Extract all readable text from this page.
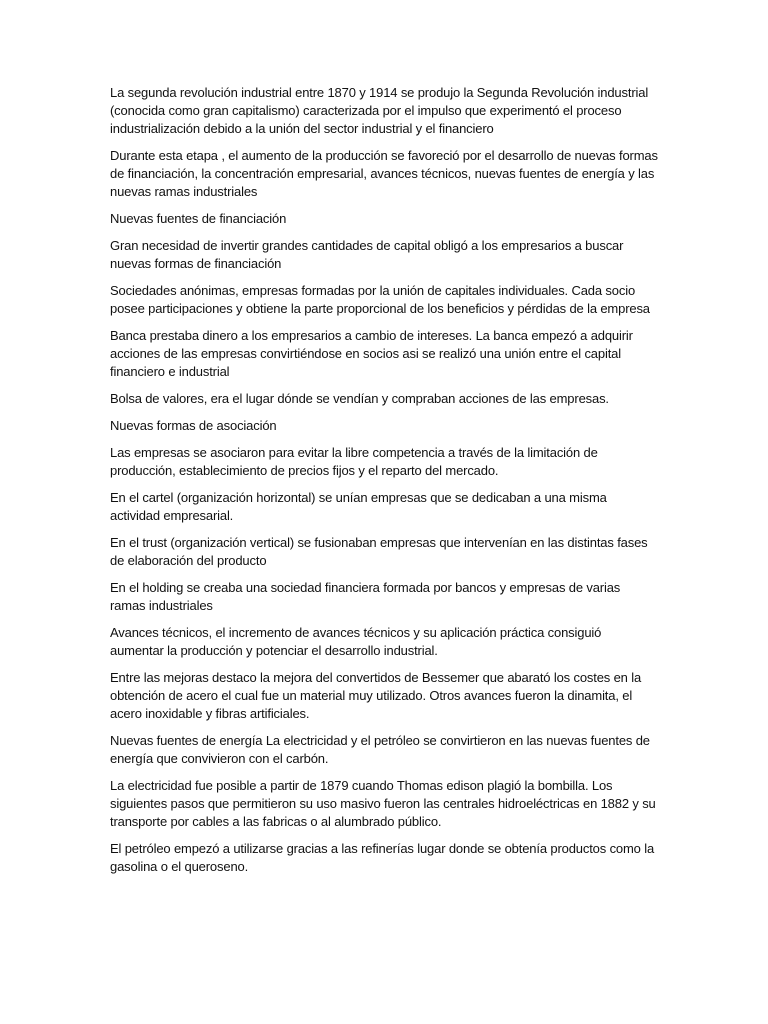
La segunda revolución industrial entre 1870 y 1914 se produjo la Segunda Revolución industrial (conocida como gran capitalismo) caracterizada por el impulso que experimentó el proceso industrialización debido a la unión del sector industrial y el financiero

Durante esta etapa , el aumento de la producción se favoreció por el desarrollo de nuevas formas de financiación, la concentración empresarial, avances técnicos, nuevas fuentes de energía y las nuevas ramas industriales

Nuevas fuentes de financiación

Gran necesidad de invertir grandes cantidades de capital obligó a los empresarios a buscar nuevas formas de financiación

Sociedades anónimas, empresas formadas por la unión de capitales individuales. Cada socio posee participaciones y obtiene la parte proporcional de los beneficios y pérdidas de la empresa

Banca prestaba dinero a los empresarios a cambio de intereses. La banca empezó a adquirir acciones de las empresas convirtiéndose en socios asi se realizó una unión entre el capital financiero e industrial

Bolsa de valores, era el lugar dónde se vendían y compraban acciones de las empresas.

Nuevas formas de asociación

Las empresas se asociaron para evitar la libre competencia a través de la limitación de producción, establecimiento de precios fijos y el reparto del mercado.

En el cartel (organización horizontal) se unían empresas que se dedicaban a una misma actividad empresarial.

En el trust (organización vertical) se fusionaban empresas que intervenían en las distintas fases de elaboración del producto

En el holding se creaba una sociedad financiera formada por bancos y empresas de varias ramas industriales

Avances técnicos, el incremento de avances técnicos y su aplicación práctica consiguió aumentar la producción y potenciar el desarrollo industrial.

Entre las mejoras destaco la mejora del convertidos de Bessemer que abarató los costes en la obtención de acero el cual fue un material muy utilizado. Otros avances fueron la dinamita, el acero inoxidable y fibras artificiales.

Nuevas fuentes de energía La electricidad y el petróleo se convirtieron en las nuevas fuentes de energía que convivieron con el carbón.

La electricidad fue posible a partir de 1879 cuando Thomas edison plagió la bombilla. Los siguientes pasos que permitieron su uso masivo fueron las centrales hidroeléctricas en 1882 y su transporte por cables a las fabricas o al alumbrado público.

El petróleo empezó a utilizarse gracias a las refinerías lugar donde se obtenía productos como la gasolina o el queroseno.
